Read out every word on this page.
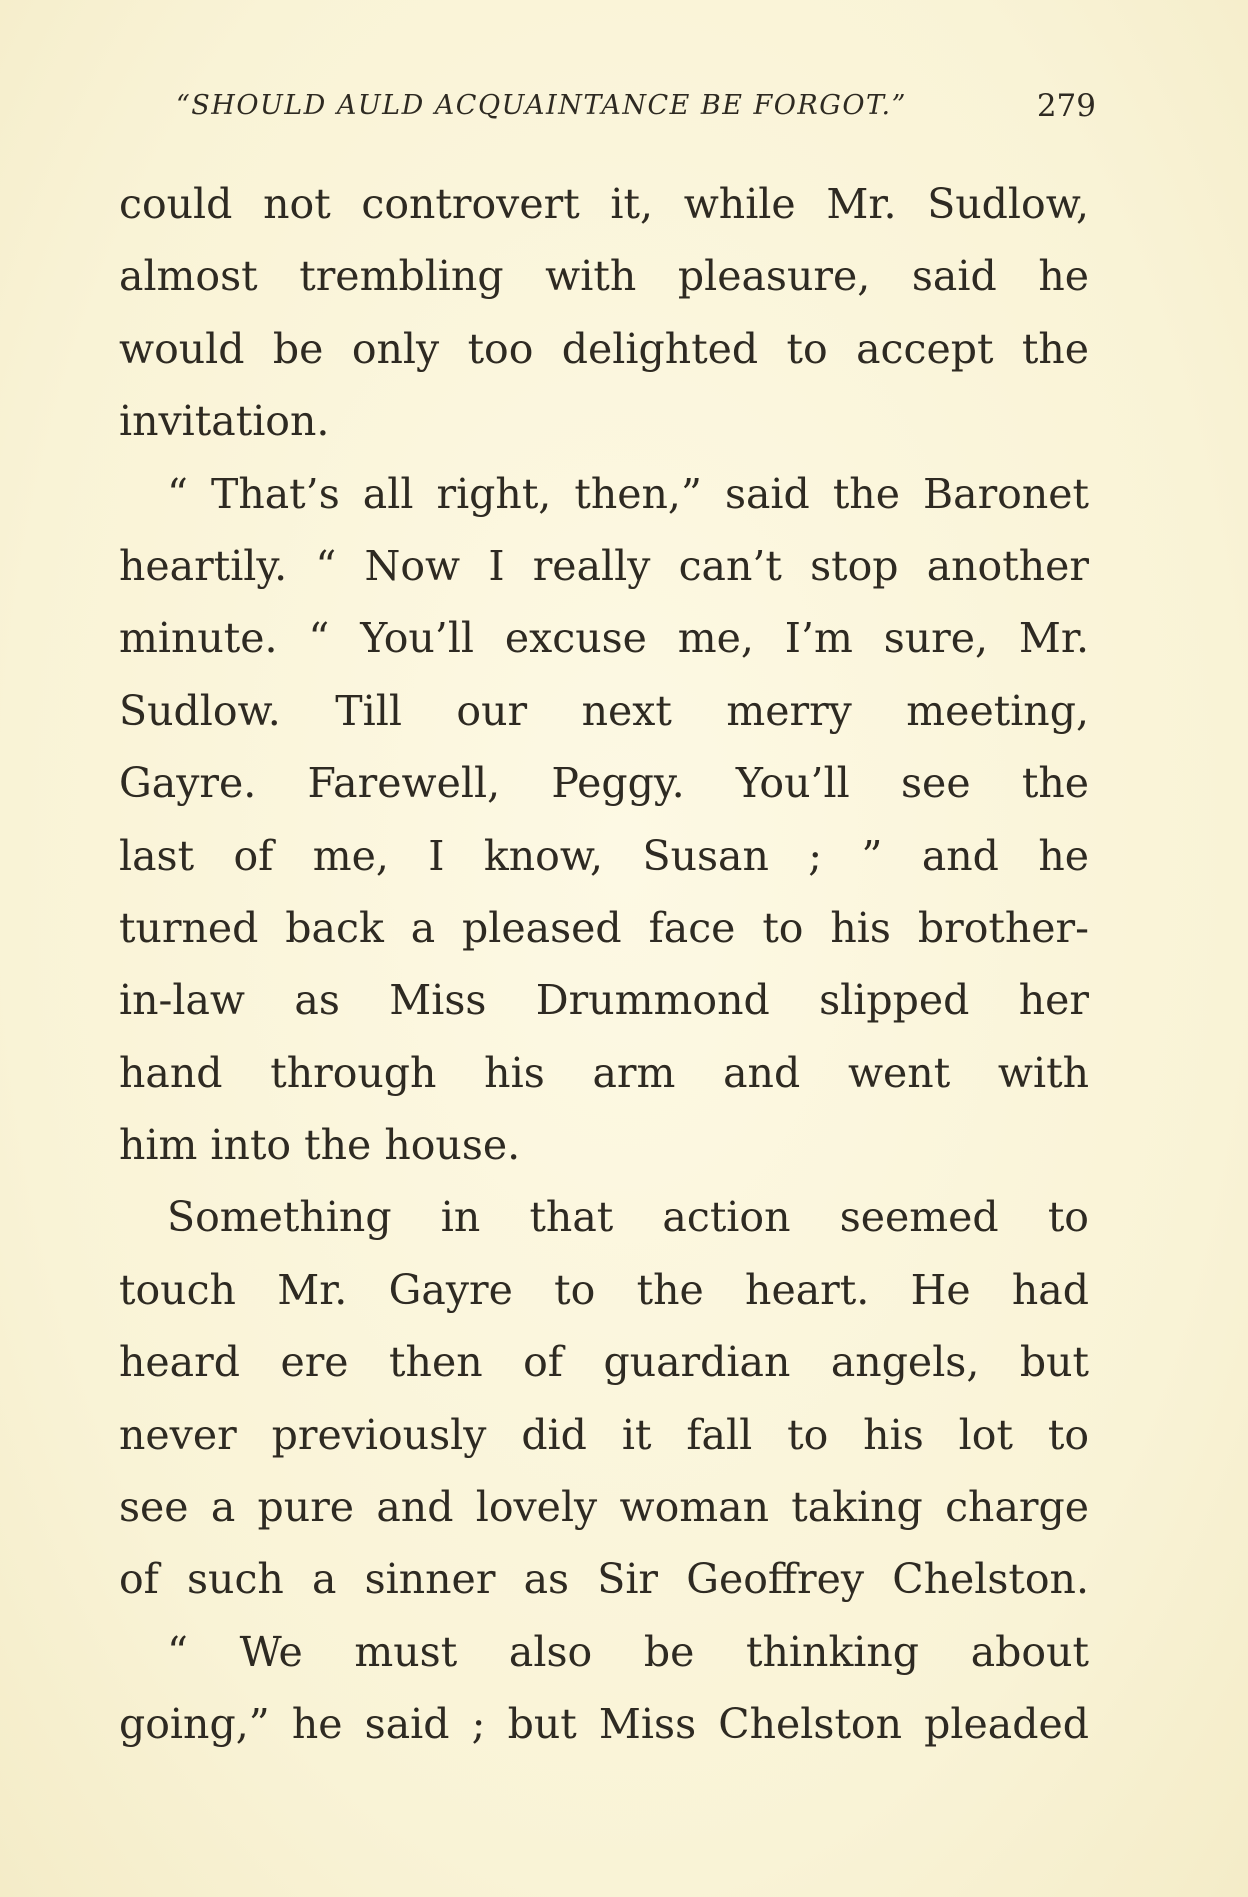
“SHOULD AULD ACQUAINTANCE BE FORGOT.”	279
could not controvert it, while Mr. Sudlow,
almost trembling with pleasure, said he
would be only too delighted to accept the
invitation.
“ That’s all right, then,” said the Baronet
heartily. “ Now I really can’t stop another
minute. “ You’ll excuse me, I’m sure, Mr.
Sudlow. Till our next merry meeting,
Gayre. Farewell, Peggy. You’ll see the
last of me, I know, Susan ; ” and he
turned back a pleased face to his brother-
in-law as Miss Drummond slipped her
hand through his arm and went with
him into the house.
Something in that action seemed to
touch Mr. Gayre to the heart. He had
heard ere then of guardian angels, but
never previously did it fall to his lot to
see a pure and lovely woman taking charge
of such a sinner as Sir Geoffrey Chelston.
“ We must also be thinking about
going,” he said ; but Miss Chelston pleaded
